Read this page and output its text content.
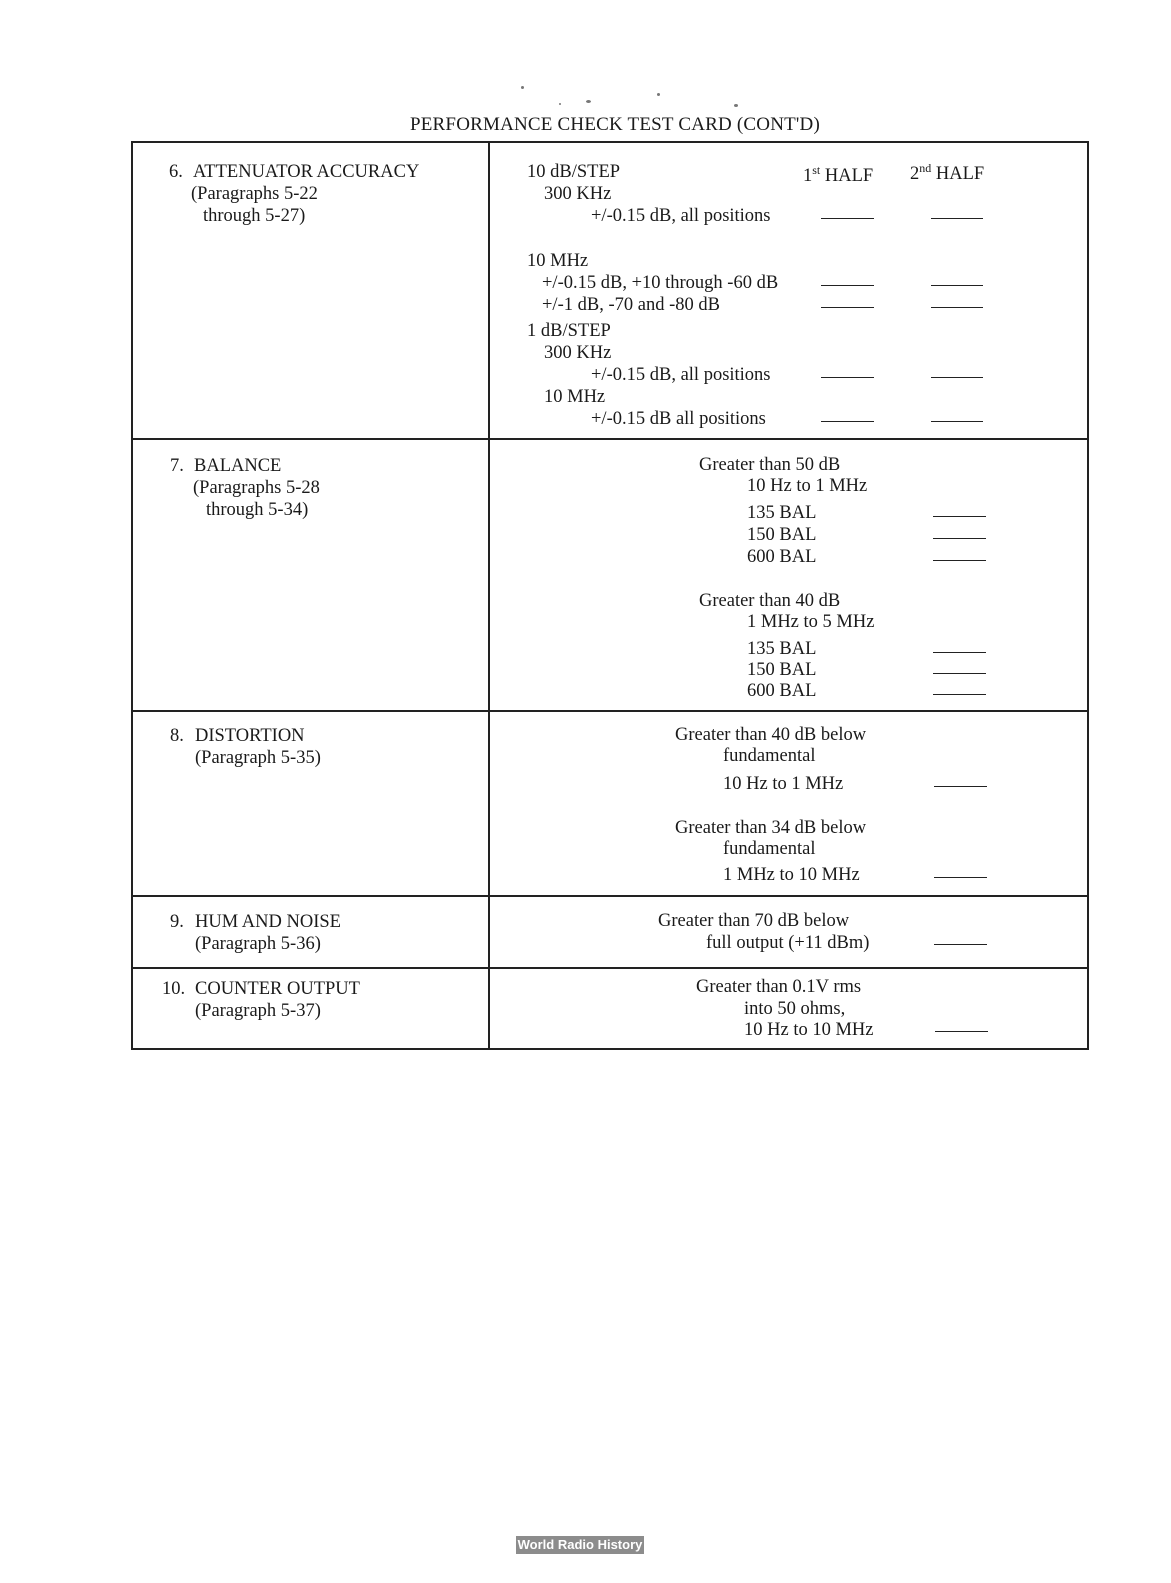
PERFORMANCE CHECK TEST CARD (CONT'D)
6. ATTENUATOR ACCURACY
(Paragraphs 5-22
through 5-27)
1st HALF 2nd HALF
10 dB/STEP
300 KHz
+/-0.15 dB, all positions
10 MHz
+/-0.15 dB, +10 through -60 dB
+/-1 dB, -70 and -80 dB
1 dB/STEP
300 KHz
+/-0.15 dB, all positions
10 MHz
+/-0.15 dB all positions
7. BALANCE
(Paragraphs 5-28
through 5-34)
Greater than 50 dB
10 Hz to 1 MHz
135 BAL
150 BAL
600 BAL
Greater than 40 dB
1 MHz to 5 MHz
135 BAL
150 BAL
600 BAL
8. DISTORTION
(Paragraph 5-35)
Greater than 40 dB below
fundamental
10 Hz to 1 MHz
Greater than 34 dB below
fundamental
1 MHz to 10 MHz
9. HUM AND NOISE
(Paragraph 5-36)
Greater than 70 dB below
full output (+11 dBm)
10. COUNTER OUTPUT
(Paragraph 5-37)
Greater than 0.1V rms
into 50 ohms,
10 Hz to 10 MHz
World Radio History
